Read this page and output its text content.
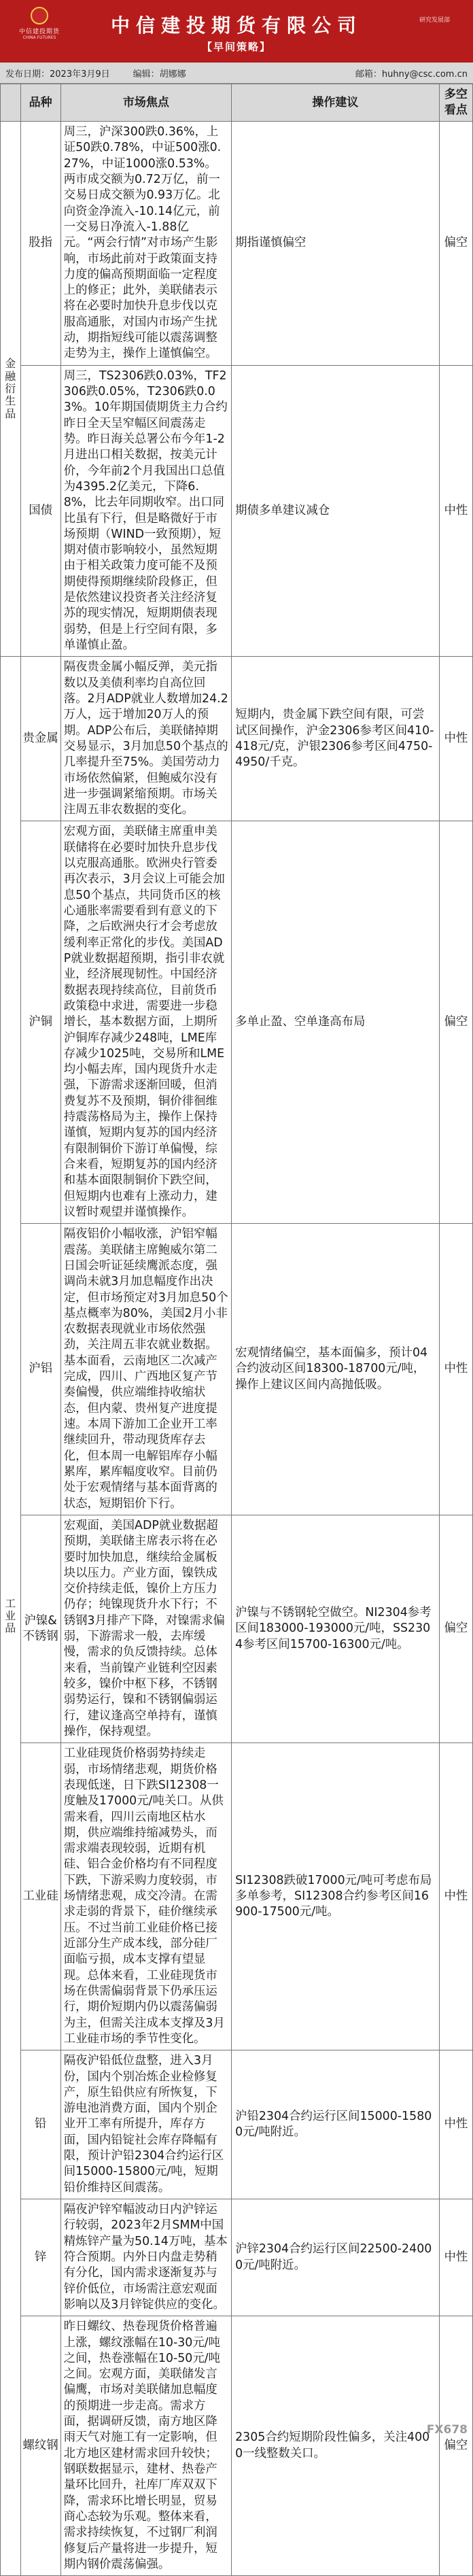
中信建投期货
CHINA FUTURES
中信建投期货有限公司
【早间策略】
研究发展部
发布日期：2023年3月9日	编辑：胡娜娜	邮箱：huhny@csc.com.cn
	品种	市场焦点	操作建议	多空看点

金融衍生品	股指	周三，沪深300跌0.36%，上证50跌0.78%，中证500涨0.27%，中证1000涨0.53%。两市成交额为0.72万亿，前一交易日成交额为0.93万亿。北向资金净流入-10.14亿元，前一交易日净流入-1.88亿元。“两会行情”对市场产生影响，市场此前对于政策面支持力度的偏高预期面临一定程度上的修正；此外，美联储表示将在必要时加快升息步伐以克服高通胀，对国内市场产生扰动，期指短线可能以震荡调整走势为主，操作上谨慎偏空。	期指谨慎偏空	偏空
	国债	周三，TS2306跌0.03%，TF2306跌0.05%，T2306跌0.03%。10年期国债期货主力合约昨日全天呈窄幅区间震荡走势。昨日海关总署公布今年1-2月进出口相关数据，按美元计价，今年前2个月我国出口总值为4395.2亿美元，下降6.8%，比去年同期收窄。出口同比虽有下行，但是略微好于市场预期（WIND一致预期），短期对债市影响较小，虽然短期由于相关政策力度可能不及预期使得预期继续阶段修正，但是依然建议投资者关注经济复苏的现实情况，短期期债表现弱势，但是上行空间有限，多单谨慎止盈。	期债多单建议减仓	中性

工业品	贵金属	隔夜贵金属小幅反弹，美元指数以及美债利率均自高位回落。2月ADP就业人数增加24.2万人，远于增加20万人的预期。ADP公布后，美联储掉期交易显示，3月加息50个基点的几率提升至75%。美国劳动力市场依然偏紧，但鲍威尔没有进一步强调紧缩预期。市场关注周五非农数据的变化。	短期内，贵金属下跌空间有限，可尝试区间操作，沪金2306参考区间410-418元/克，沪银2306参考区间4750-4950/千克。	中性
	沪铜	宏观方面，美联储主席重申美联储将在必要时加快升息步伐以克服高通胀。欧洲央行管委再次表示，3月会议上可能会加息50个基点，共同货币区的核心通胀率需要看到有意义的下降，之后欧洲央行才会考虑放缓利率正常化的步伐。美国ADP就业数据超预期，指引非农就业，经济展现韧性。中国经济数据表现持续高位，目前货币政策稳中求进，需要进一步稳增长，基本数据方面，上期所沪铜库存减少248吨，LME库存减少1025吨，交易所和LME均小幅去库，国内现货升水走强，下游需求逐渐回暖，但消费复苏不及预期，铜价徘徊维持震荡格局为主，操作上保持谨慎，短期内复苏的国内经济有限制铜价下游订单偏慢，综合来看，短期复苏的国内经济和基本面限制铜价下跌空间，但短期内也难有上涨动力，建议暂时观望并谨慎操作。	多单止盈、空单逢高布局	偏空
	沪铝	隔夜铝价小幅收涨，沪铝窄幅震荡。美联储主席鲍威尔第二日国会听证延续鹰派态度，强调尚未就3月加息幅度作出决定，但市场预定对3月加息50个基点概率为80%，美国2月小非农数据表现就业市场依然强劲，关注周五非农就业数据。基本面看，云南地区二次减产完成，四川、广西地区复产节奏偏慢，供应端维持收缩状态，但内蒙、贵州复产进度提速。本周下游加工企业开工率继续回升，带动现货库存去化，但本周一电解铝库存小幅累库，累库幅度收窄。目前仍处于宏观情绪与基本面背离的状态，短期铝价下行。	宏观情绪偏空，基本面偏多，预计04合约波动区间18300-18700元/吨，操作上建议区间内高抛低吸。	中性
	沪镍&不锈钢	宏观面，美国ADP就业数据超预期，美联储主席表示将在必要时加快加息，继续给金属板块以压力。产业方面，镍铁成交价持续走低，镍价上方压力仍存；纯镍现货升水下行；不锈钢3月排产下降，对镍需求偏弱，下游需求一般，去库缓慢，需求的负反馈持续。总体来看，当前镍产业链利空因素较多，镍价中枢下移，不锈钢弱势运行，镍和不锈钢偏弱运行，建议逢高空单持有，谨慎操作，保持观望。	沪镍与不锈钢轮空做空。NI2304参考区间183000-193000元/吨，SS2304参考区间15700-16300元/吨。	偏空
	工业硅	工业硅现货价格弱势持续走弱，市场情绪悲观，期货价格表现低迷，日下跌SI12308一度触及17000元/吨关口。从供需来看，四川云南地区枯水期，供应端维持缩减势头，而需求端表现较弱，近期有机硅、铝合金价格均有不同程度下跌，下游采购力度较弱，市场情绪悲观，成交冷清。在需求走弱的背景下，硅价继续承压。不过当前工业硅价格已接近部分生产成本线，部分硅厂面临亏损，成本支撑有望显现。总体来看，工业硅现货市场在供需偏弱背景下仍承压运行，期价短期内仍以震荡偏弱为主，但需关注成本支撑及3月工业硅市场的季节性变化。	SI12308跌破17000元/吨可考虑布局多单参考，SI12308合约参考区间16900-17500元/吨。	中性
	铅	隔夜沪铅低位盘整，进入3月份，国内个别冶炼企业检修复产，原生铅供应有所恢复，下游电池消费方面，国内个别企业开工率有所提升，库存方面，国内铅锭社会库存降幅有限，预计沪铅2304合约运行区间15000-15800元/吨，短期铅价维持区间震荡。	沪铅2304合约运行区间15000-15800元/吨附近。	中性
	锌	隔夜沪锌窄幅波动日内沪锌运行较弱，2023年2月SMM中国精炼锌产量为50.14万吨，基本符合预期。内外日内盘走势稍有分化，国内需求逐渐复苏与锌价低位，市场需注意宏观面影响以及3月锌锭供应的变化。	沪锌2304合约运行区间22500-24000元/吨附近。	中性
	螺纹钢	昨日螺纹、热卷现货价格普遍上涨，螺纹涨幅在10-30元/吨之间，热卷涨幅在10-50元/吨之间。宏观方面，美联储发言偏鹰，市场对美联储加息幅度的预期进一步走高。需求方面，据调研反馈，南方地区降雨天气对施工有一定影响，但北方地区建材需求回升较快；钢联数据显示，建材、热卷产量环比回升，社库厂库双双下降，需求环比增长明显，贸易商心态较为乐观。整体来看，需求持续恢复，不过钢厂利润修复后产量将进一步提升，短期内钢价震荡偏强。	2305合约短期阶段性偏多，关注4000一线整数关口。	偏空
FX678
